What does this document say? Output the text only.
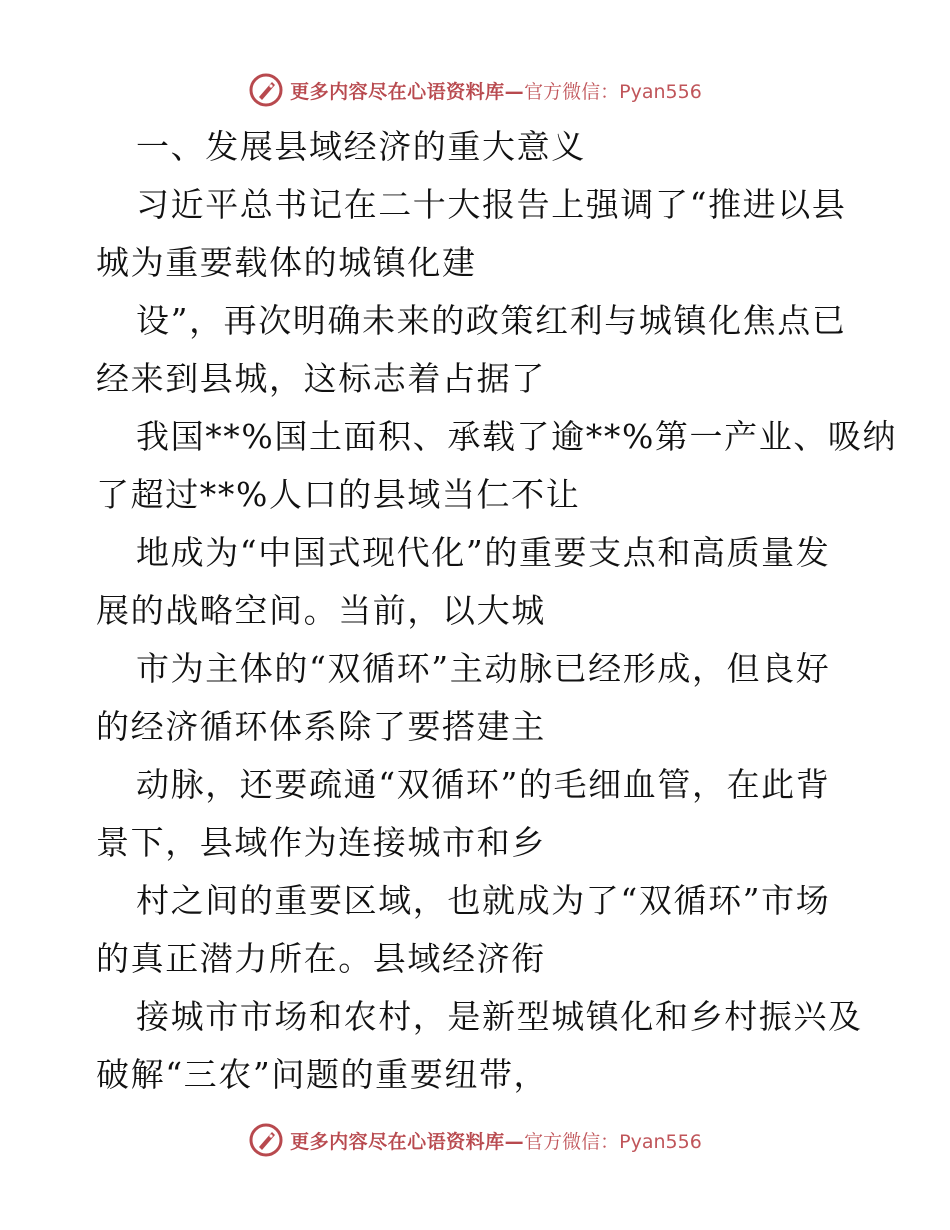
更多内容尽在心语资料库— 官方微信：Pyan556
一、发展县域经济的重大意义
习近平总书记在二十大报告上强调了“推进以县
城为重要载体的城镇化建
设”，再次明确未来的政策红利与城镇化焦点已
经来到县城，这标志着占据了
我国**%国土面积、承载了逾**%第一产业、吸纳
了超过**%人口的县域当仁不让
地成为“中国式现代化”的重要支点和高质量发
展的战略空间。当前，以大城
市为主体的“双循环”主动脉已经形成，但良好
的经济循环体系除了要搭建主
动脉，还要疏通“双循环”的毛细血管，在此背
景下，县域作为连接城市和乡
村之间的重要区域，也就成为了“双循环”市场
的真正潜力所在。县域经济衔
接城市市场和农村，是新型城镇化和乡村振兴及
破解“三农”问题的重要纽带，
更多内容尽在心语资料库— 官方微信：Pyan556
